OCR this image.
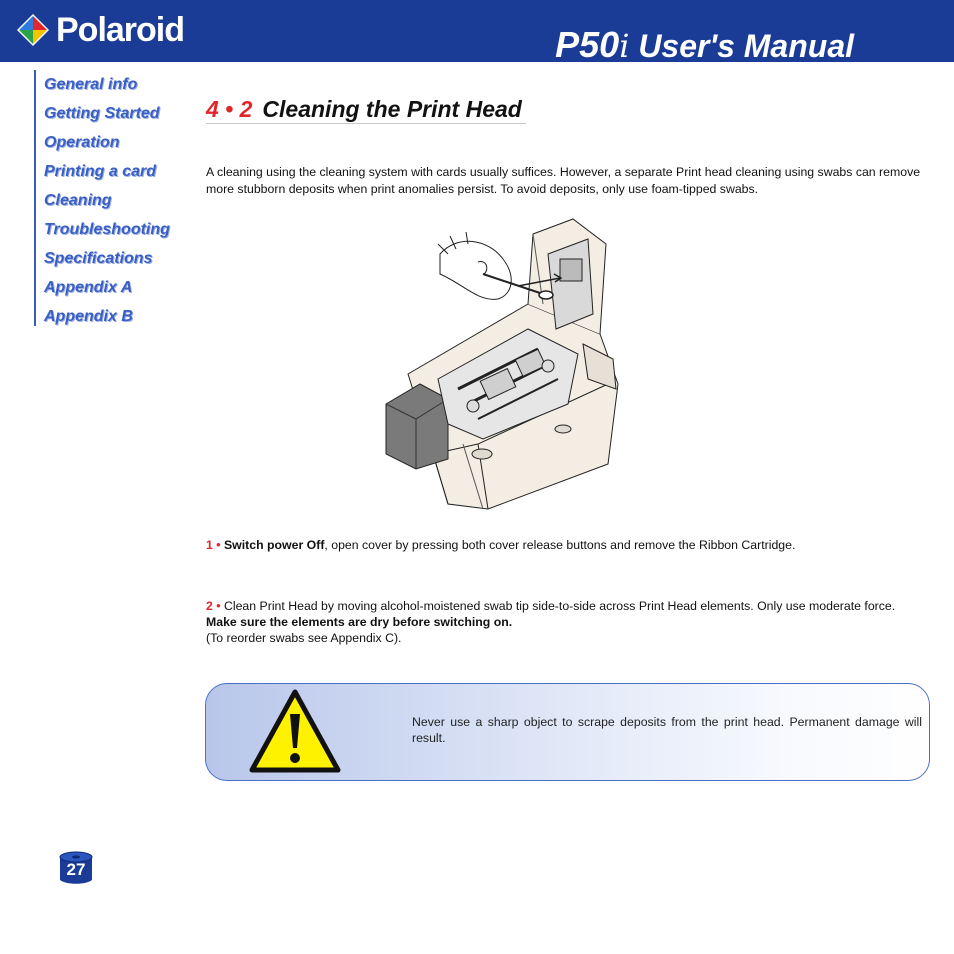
Polaroid	P50i User's Manual
General info
Getting Started
Operation
Printing a card
Cleaning
Troubleshooting
Specifications
Appendix A
Appendix B
4 • 2 Cleaning the Print Head
A cleaning using the cleaning system with cards usually suffices. However, a separate Print head cleaning using swabs can remove more stubborn deposits when print anomalies persist. To avoid deposits, only use foam-tipped swabs.
1 • Switch power Off, open cover by pressing both cover release buttons and remove the Ribbon Cartridge.
2 • Clean Print Head by moving alcohol-moistened swab tip side-to-side across Print Head elements. Only use moderate force.
Make sure the elements are dry before switching on.
(To reorder swabs see Appendix C).
Never use a sharp object to scrape deposits from the print head. Permanent damage will result.
27
